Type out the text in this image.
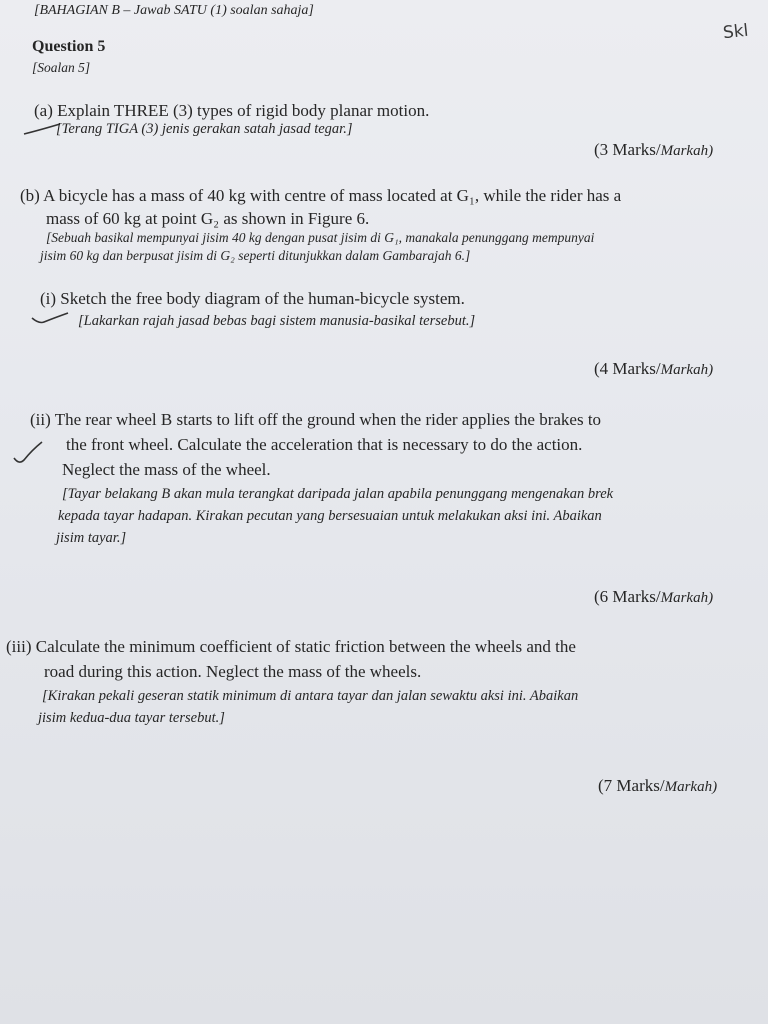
[BAHAGIAN B – Jawab SATU (1) soalan sahaja]
Skl
Question 5
[Soalan 5]
(a) Explain THREE (3) types of rigid body planar motion.
[Terang TIGA (3) jenis gerakan satah jasad tegar.]
(3 Marks/Markah)
(b) A bicycle has a mass of 40 kg with centre of mass located at G₁, while the rider has a
mass of 60 kg at point G₂ as shown in Figure 6.
[Sebuah basikal mempunyai jisim 40 kg dengan pusat jisim di G₁, manakala penunggang mempunyai
jisim 60 kg dan berpusat jisim di G₂ seperti ditunjukkan dalam Gambarajah 6.]
(i) Sketch the free body diagram of the human-bicycle system.
[Lakarkan rajah jasad bebas bagi sistem manusia-basikal tersebut.]
(4 Marks/Markah)
(ii) The rear wheel B starts to lift off the ground when the rider applies the brakes to
the front wheel. Calculate the acceleration that is necessary to do the action.
Neglect the mass of the wheel.
[Tayar belakang B akan mula terangkat daripada jalan apabila penunggang mengenakan brek
kepada tayar hadapan. Kirakan pecutan yang bersesuaian untuk melakukan aksi ini. Abaikan
jisim tayar.]
(6 Marks/Markah)
(iii) Calculate the minimum coefficient of static friction between the wheels and the
road during this action. Neglect the mass of the wheels.
[Kirakan pekali geseran statik minimum di antara tayar dan jalan sewaktu aksi ini. Abaikan
jisim kedua-dua tayar tersebut.]
(7 Marks/Markah)
